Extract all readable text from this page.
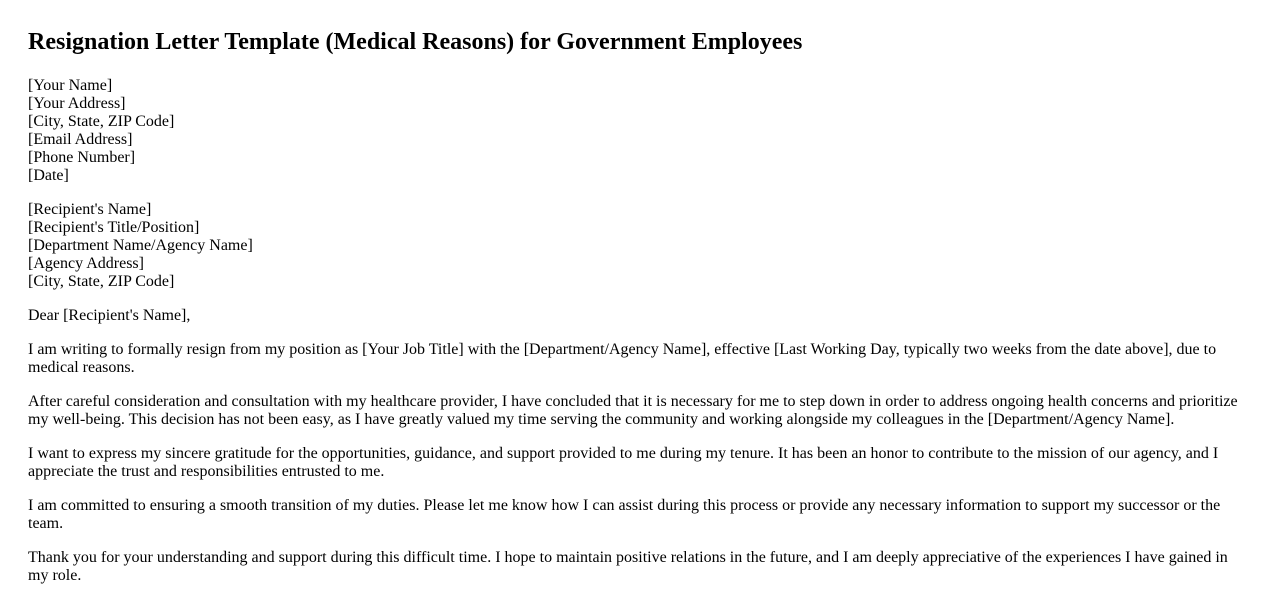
Resignation Letter Template (Medical Reasons) for Government Employees
[Your Name]
[Your Address]
[City, State, ZIP Code]
[Email Address]
[Phone Number]
[Date]
[Recipient's Name]
[Recipient's Title/Position]
[Department Name/Agency Name]
[Agency Address]
[City, State, ZIP Code]

Dear [Recipient's Name],

I am writing to formally resign from my position as [Your Job Title] with the [Department/Agency Name], effective [Last Working Day, typically two weeks from the date above], due to medical reasons.

After careful consideration and consultation with my healthcare provider, I have concluded that it is necessary for me to step down in order to address ongoing health concerns and prioritize my well-being. This decision has not been easy, as I have greatly valued my time serving the community and working alongside my colleagues in the [Department/Agency Name].

I want to express my sincere gratitude for the opportunities, guidance, and support provided to me during my tenure. It has been an honor to contribute to the mission of our agency, and I appreciate the trust and responsibilities entrusted to me.

I am committed to ensuring a smooth transition of my duties. Please let me know how I can assist during this process or provide any necessary information to support my successor or the team.

Thank you for your understanding and support during this difficult time. I hope to maintain positive relations in the future, and I am deeply appreciative of the experiences I have gained in my role.
